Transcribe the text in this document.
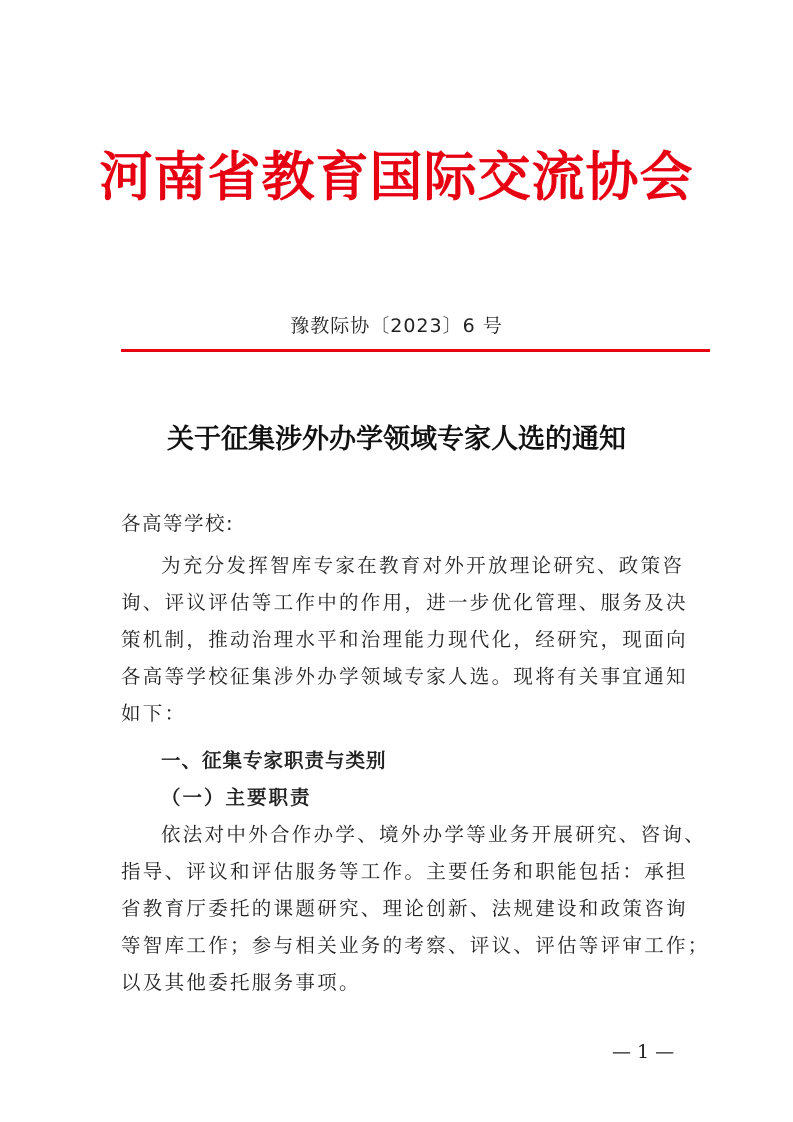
河南省教育国际交流协会
豫教际协〔2023〕6 号
关于征集涉外办学领域专家人选的通知
各高等学校:
为充分发挥智库专家在教育对外开放理论研究、政策咨
询、评议评估等工作中的作用，进一步优化管理、服务及决
策机制，推动治理水平和治理能力现代化，经研究，现面向
各高等学校征集涉外办学领域专家人选。现将有关事宜通知
如下：
一、征集专家职责与类别
（一）主要职责
依法对中外合作办学、境外办学等业务开展研究、咨询、
指导、评议和评估服务等工作。主要任务和职能包括：承担
省教育厅委托的课题研究、理论创新、法规建设和政策咨询
等智库工作；参与相关业务的考察、评议、评估等评审工作；
以及其他委托服务事项。
— 1 —
